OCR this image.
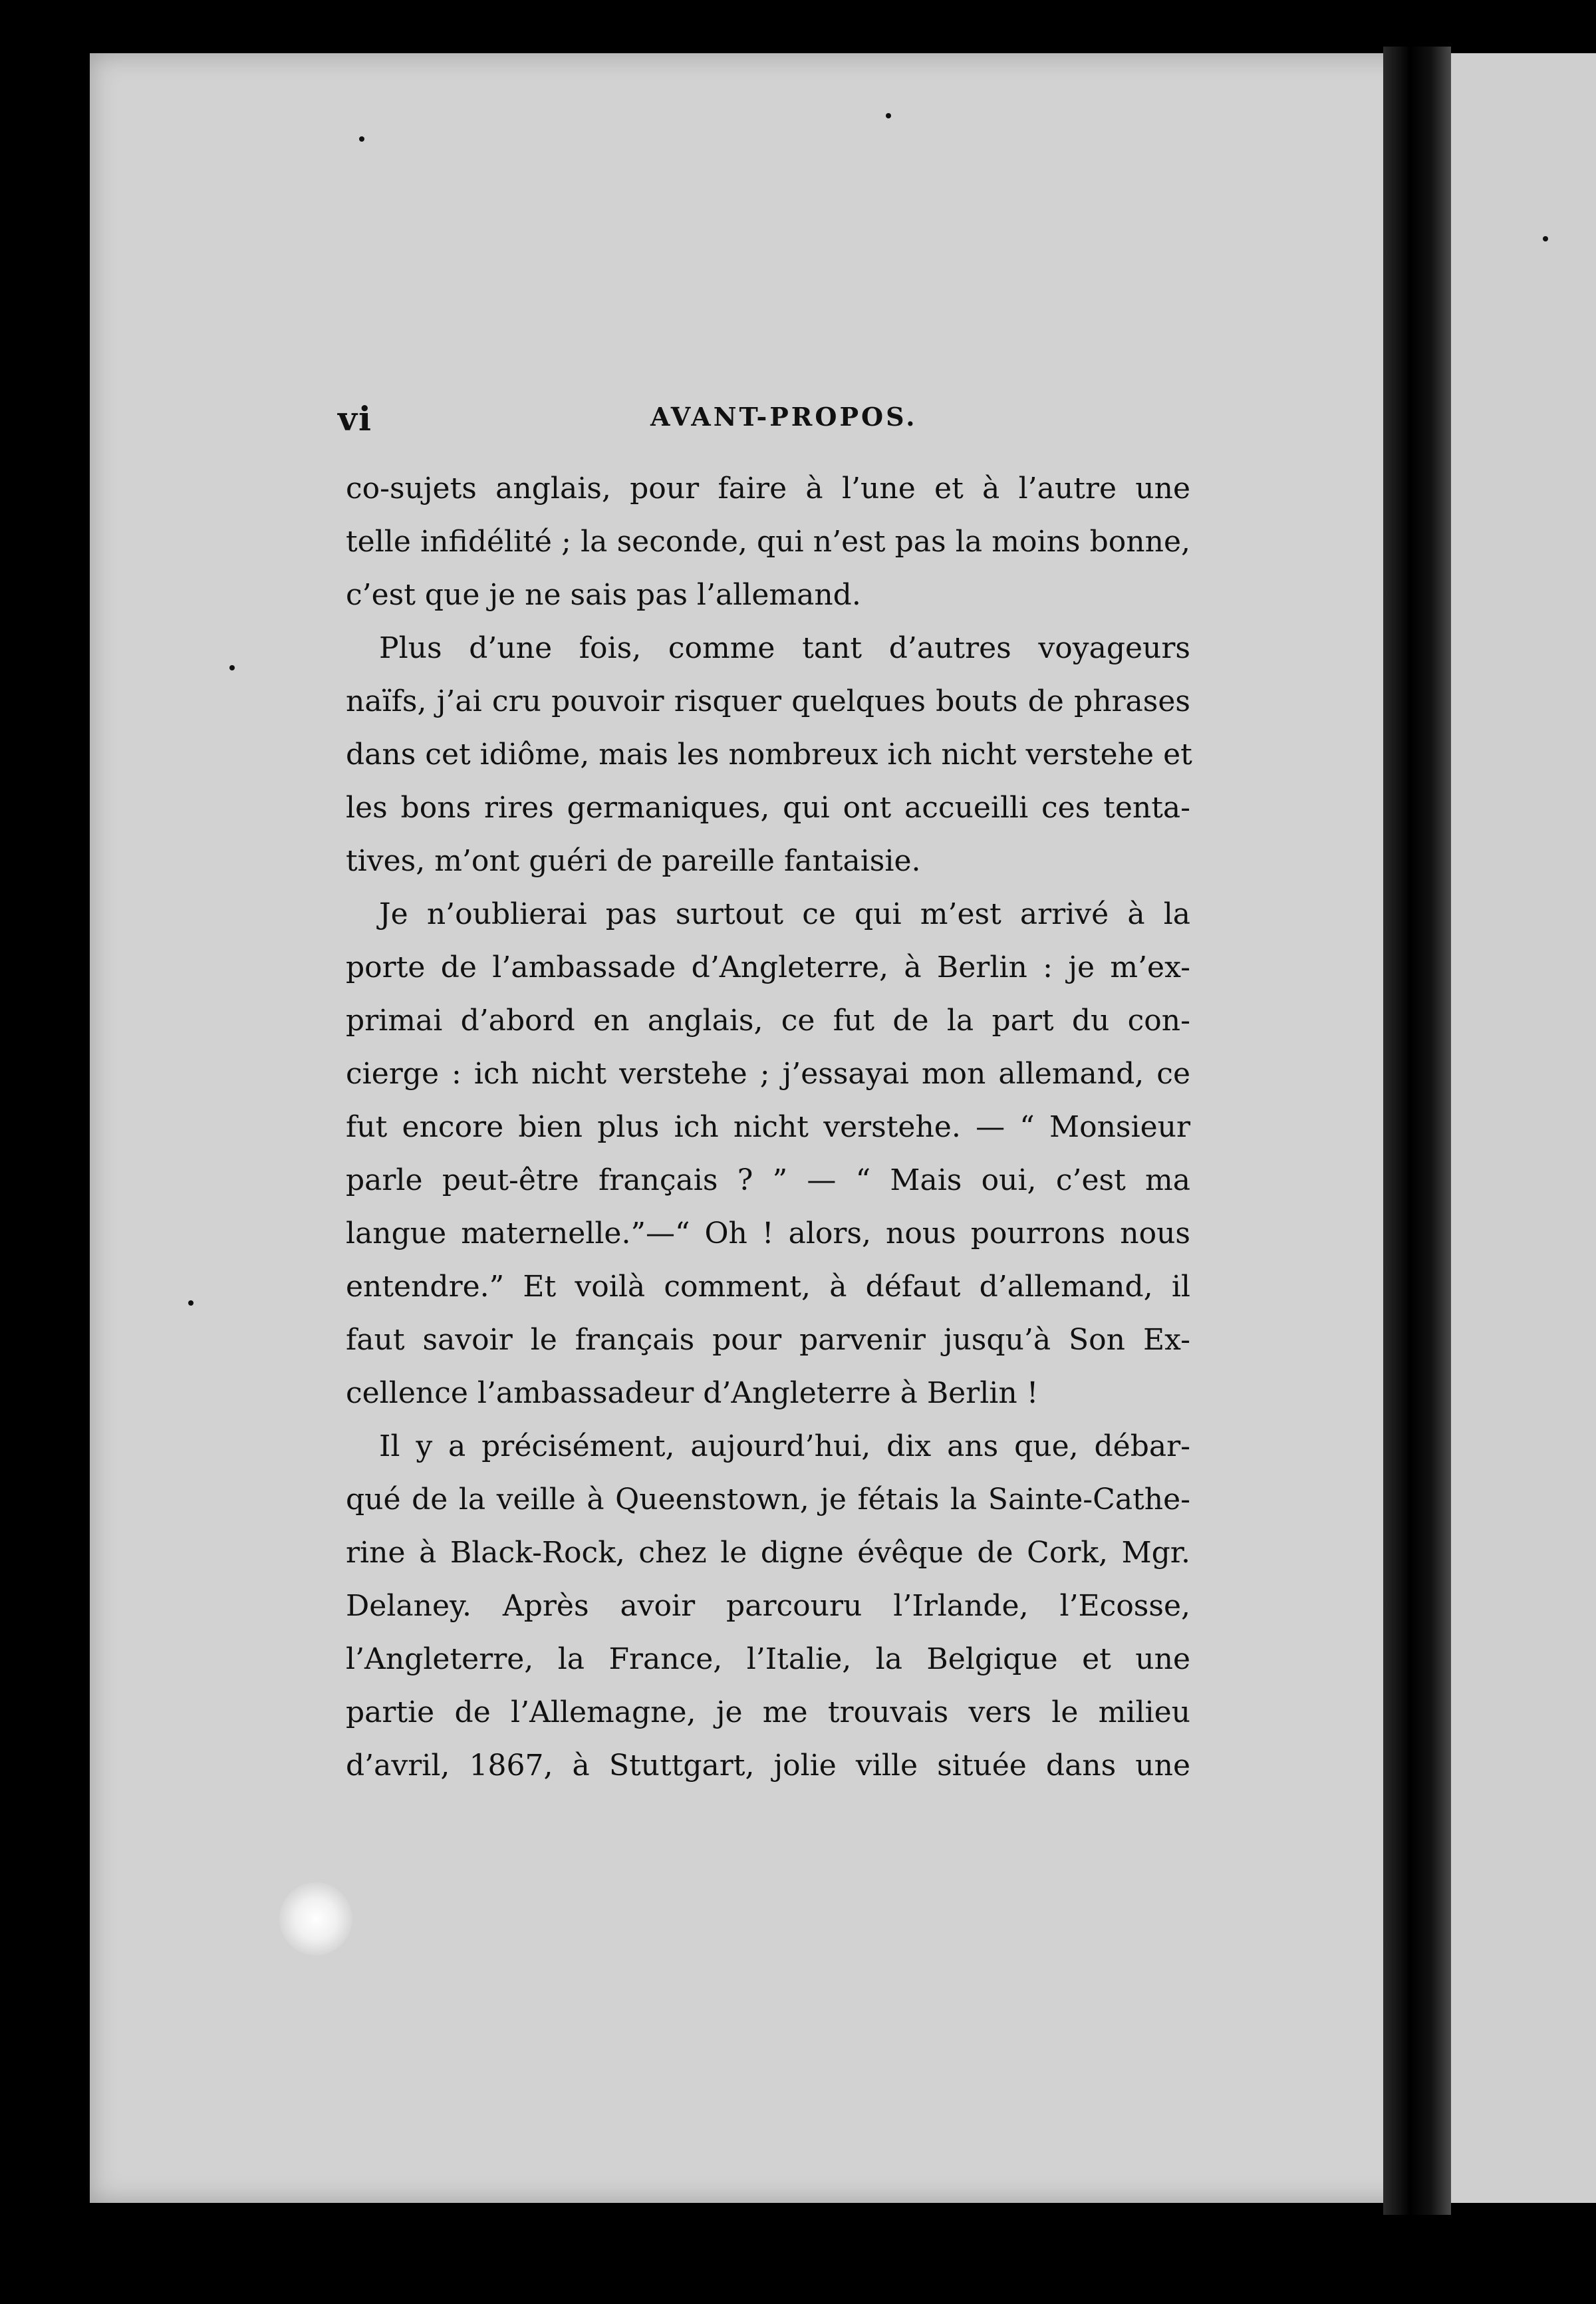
vi	AVANT-PROPOS.

co-sujets anglais, pour faire à l’une et à l’autre une
telle infidélité ; la seconde, qui n’est pas la moins bonne,
c’est que je ne sais pas l’allemand.

Plus d’une fois, comme tant d’autres voyageurs
naïfs, j’ai cru pouvoir risquer quelques bouts de phrases
dans cet idiôme, mais les nombreux ich nicht verstehe et
les bons rires germaniques, qui ont accueilli ces tenta-
tives, m’ont guéri de pareille fantaisie.

Je n’oublierai pas surtout ce qui m’est arrivé à la
porte de l’ambassade d’Angleterre, à Berlin : je m’ex-
primai d’abord en anglais, ce fut de la part du con-
cierge : ich nicht verstehe ; j’essayai mon allemand, ce
fut encore bien plus ich nicht verstehe. — “ Monsieur
parle peut-être français ? ” — “ Mais oui, c’est ma
langue maternelle.”—“ Oh ! alors, nous pourrons nous
entendre.” Et voilà comment, à défaut d’allemand, il
faut savoir le français pour parvenir jusqu’à Son Ex-
cellence l’ambassadeur d’Angleterre à Berlin !

Il y a précisément, aujourd’hui, dix ans que, débar-
qué de la veille à Queenstown, je fétais la Sainte-Cathe-
rine à Black-Rock, chez le digne évêque de Cork, Mgr.
Delaney. Après avoir parcouru l’Irlande, l’Ecosse,
l’Angleterre, la France, l’Italie, la Belgique et une
partie de l’Allemagne, je me trouvais vers le milieu
d’avril, 1867, à Stuttgart, jolie ville située dans une
